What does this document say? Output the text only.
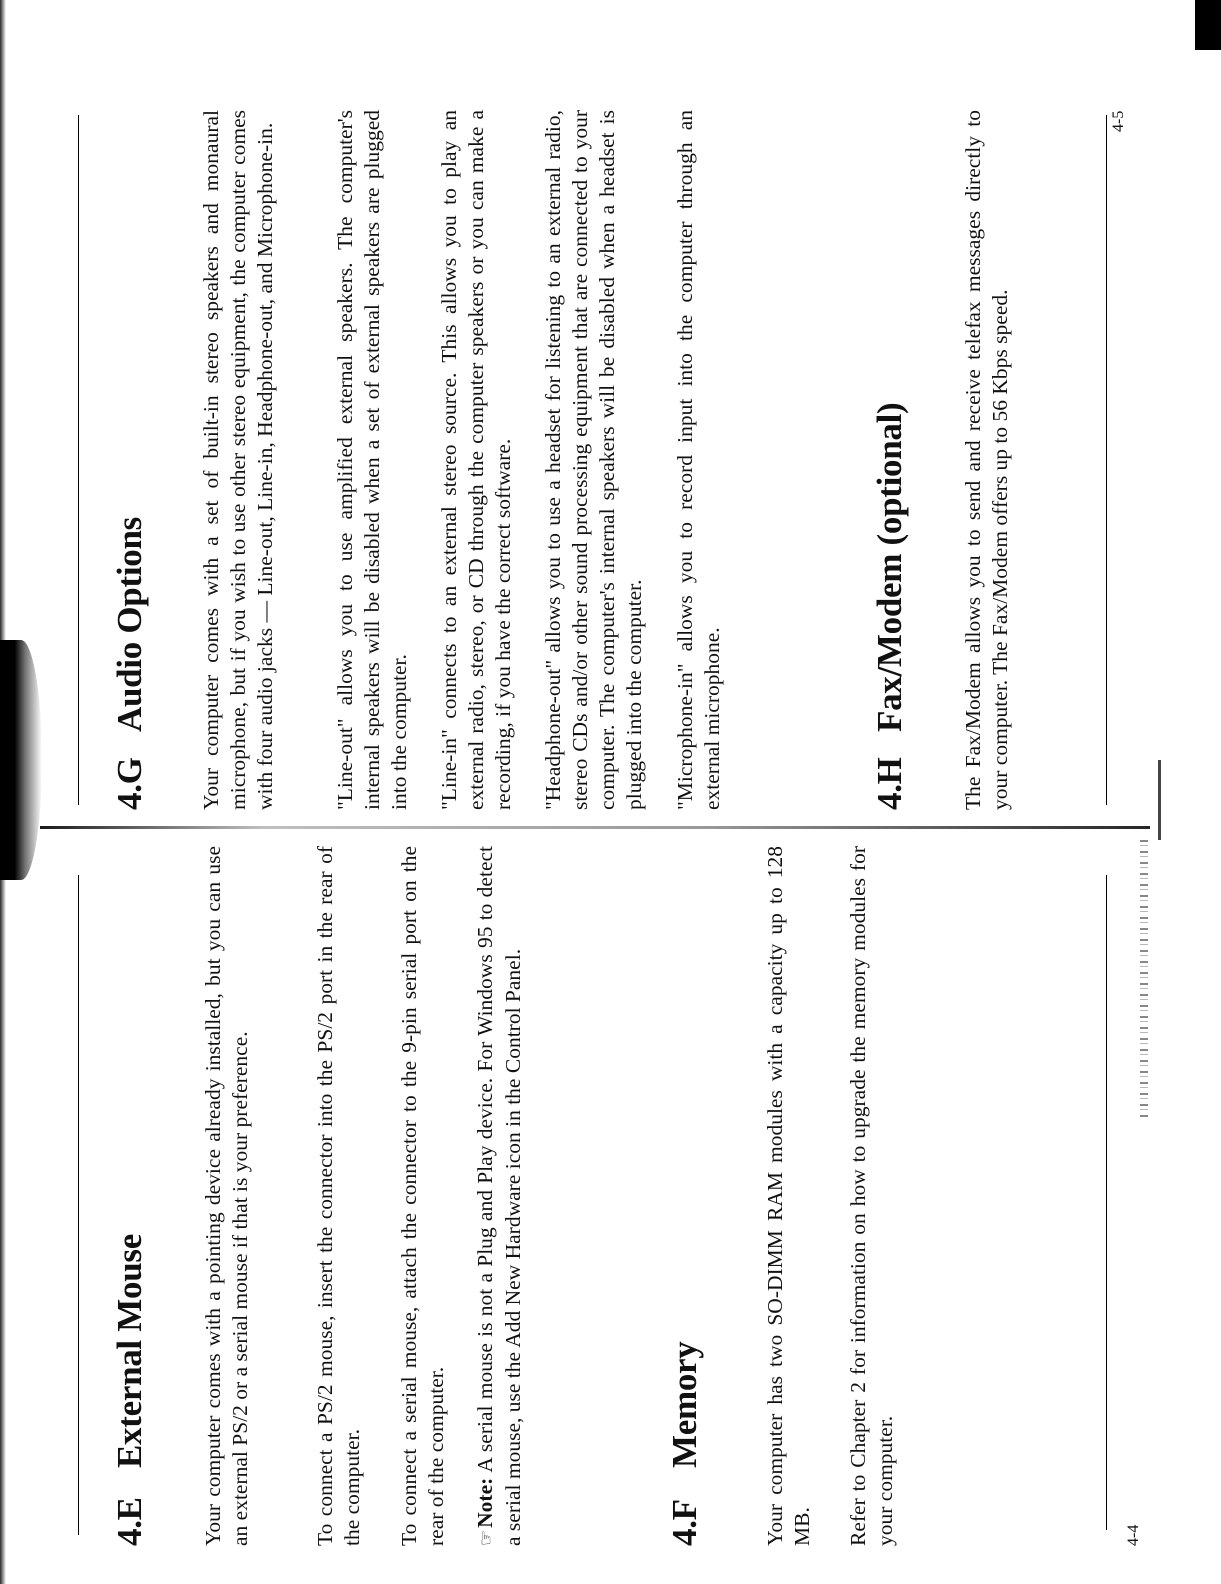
4.EExternal Mouse Your computer comes with a pointing device already installed, but you can use an external PS/2 or a serial mouse if that is your preference.	To connect a PS/2 mouse, insert the connector into the PS/2 port in the rear of the computer. To connect a serial mouse, attach the connector to the 9-pin serial port on the rear of the computer. ☞Note: A serial mouse is not a Plug and Play device. For Windows 95 to detect a serial mouse, use the Add New Hardware icon in the Control Panel.	4.FMemory	Your computer has two SO-DIMM RAM modules with a capacity up to 128 MB. Refer to Chapter 2 for information on how to upgrade the memory modules for your computer.	4-4
4.GAudio Options Your computer comes with a set of built-in stereo speakers and monaural microphone, but if you wish to use other stereo equipment, the computer comes with four audio jacks — Line-out, Line-in, Headphone-out, and Microphone-in.	"Line-out" allows you to use amplified external speakers. The computer's internal speakers will be disabled when a set of external speakers are plugged into the computer. "Line-in" connects to an external stereo source. This allows you to play an external radio, stereo, or CD through the computer speakers or you can make a recording, if you have the correct software. "Headphone-out" allows you to use a headset for listening to an external radio, stereo CDs and/or other sound processing equipment that are connected to your computer. The computer's internal speakers will be disabled when a headset is plugged into the computer. "Microphone-in" allows you to record input into the computer through an external microphone.	4.HFax/Modem (optional) The Fax/Modem allows you to send and receive telefax messages directly to your computer. The Fax/Modem offers up to 56 Kbps speed.

4-5
